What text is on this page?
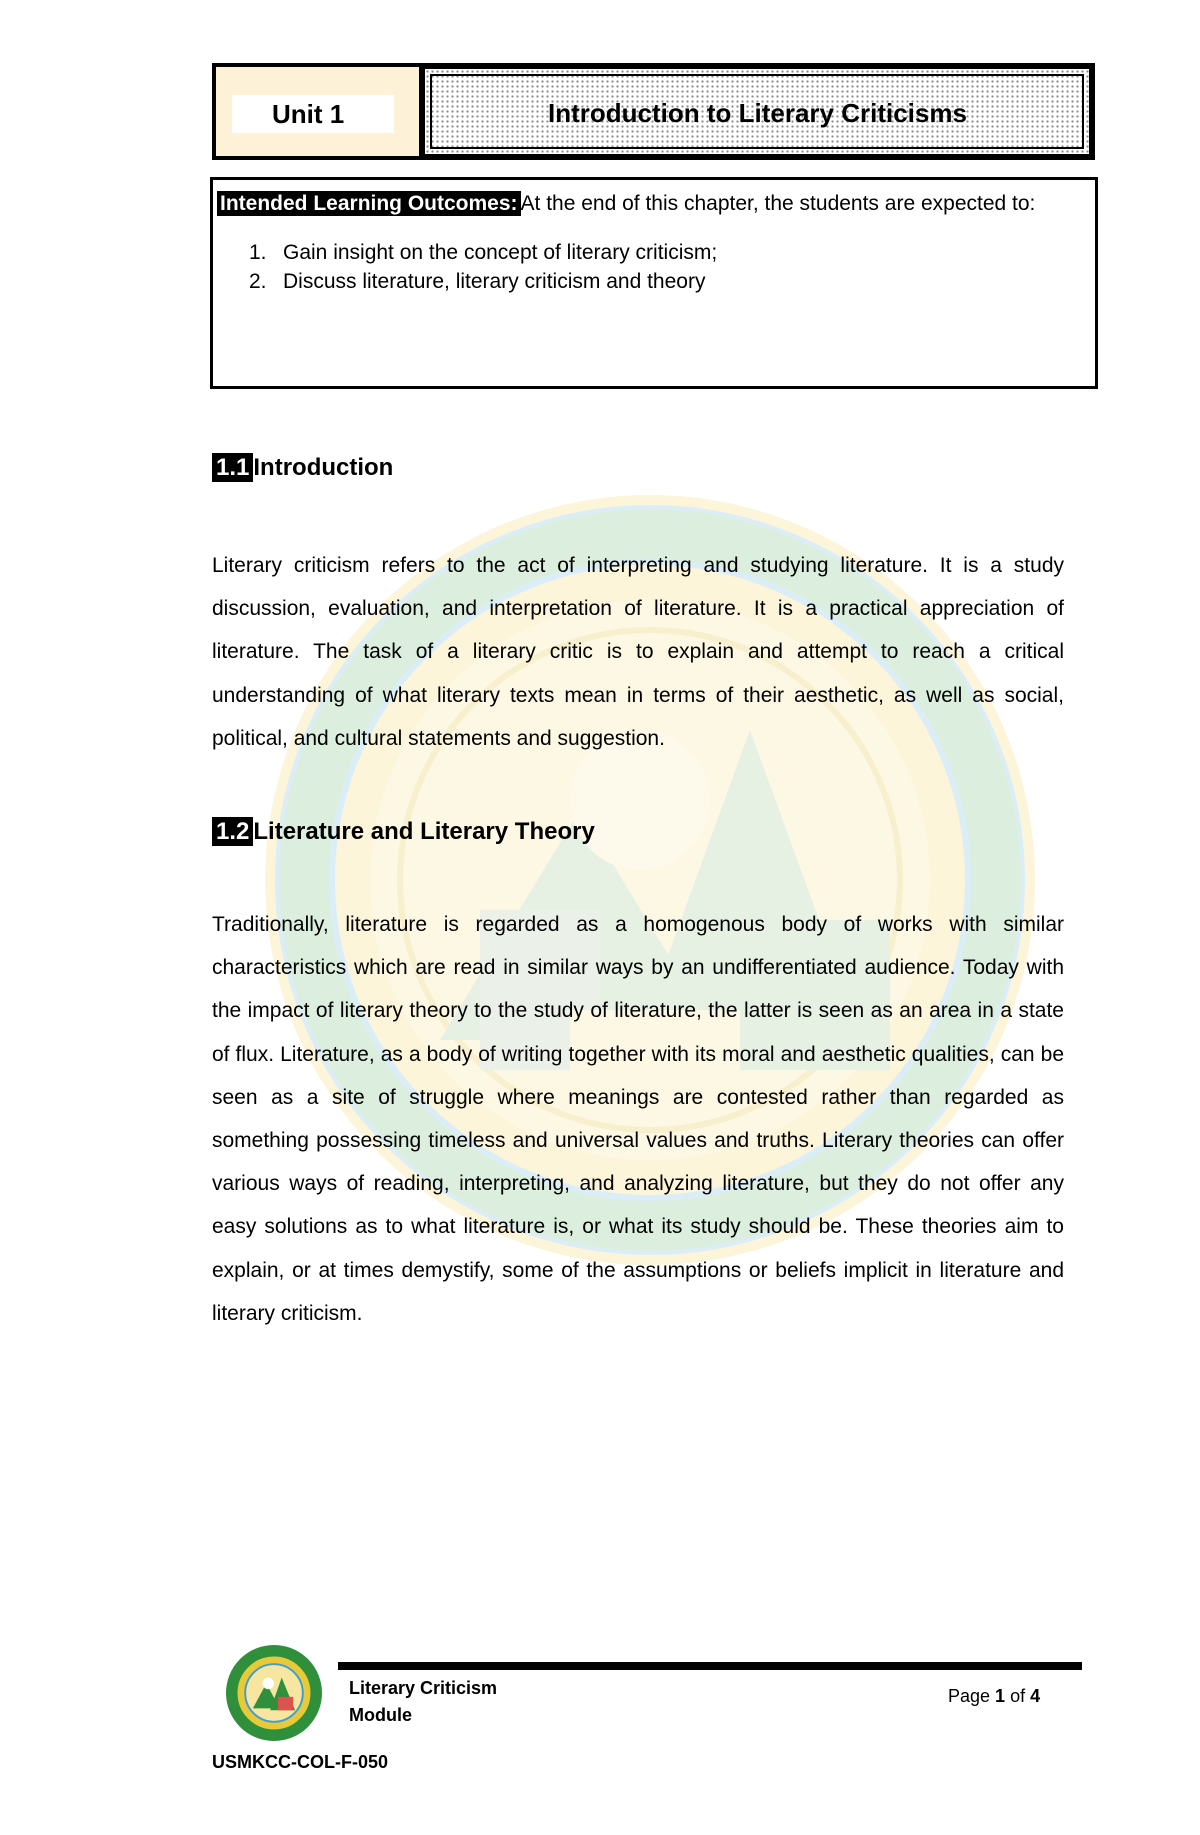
Unit 1	Introduction to Literary Criticisms
Intended Learning Outcomes: At the end of this chapter, the students are expected to:
1. Gain insight on the concept of literary criticism;
2. Discuss literature, literary criticism and theory
1.1 Introduction

Literary criticism refers to the act of interpreting and studying literature. It is a study discussion, evaluation, and interpretation of literature. It is a practical appreciation of literature. The task of a literary critic is to explain and attempt to reach a critical understanding of what literary texts mean in terms of their aesthetic, as well as social, political, and cultural statements and suggestion.

1.2 Literature and Literary Theory

Traditionally, literature is regarded as a homogenous body of works with similar characteristics which are read in similar ways by an undifferentiated audience. Today with the impact of literary theory to the study of literature, the latter is seen as an area in a state of flux. Literature, as a body of writing together with its moral and aesthetic qualities, can be seen as a site of struggle where meanings are contested rather than regarded as something possessing timeless and universal values and truths. Literary theories can offer various ways of reading, interpreting, and analyzing literature, but they do not offer any easy solutions as to what literature is, or what its study should be. These theories aim to explain, or at times demystify, some of the assumptions or beliefs implicit in literature and literary criticism.

Literary Criticism
Module
Page 1 of 4
USMKCC-COL-F-050
